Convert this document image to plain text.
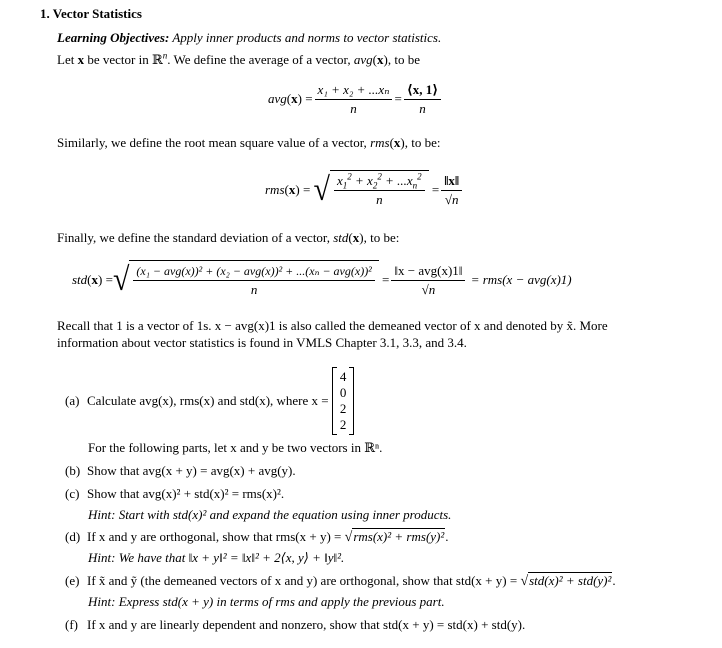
1. Vector Statistics
Learning Objectives: Apply inner products and norms to vector statistics.
Let x be vector in ℝ$^n$. We define the average of a vector, avg(x), to be
avg ( x ) = $\frac{\text{x₁ + x₂ + ...xₙ}}{n} = \frac{⟨x, 1⟩}{n}$
Similarly, we define the root mean square value of a vector, rms(x), to be:
rms ( x ) = √ $\frac{x_1^2 + x_2^2 + ...x_n^2}{n} = \frac{‖x‖}{√n}$
Finally, we define the standard deviation of a vector, std(x), to be:
std ( x ) = √ $\frac{\text{(x₁ − avg(x))² + (x₂ − avg(x))² + ...(xₙ − avg(x))²}}{n} = \frac{\text{‖x − avg(x)1‖}}{√n}$
= rms(x − avg(x)1)
Recall that 1 is a vector of 1s. x − avg(x)1 is also called the demeaned vector of x and denoted by x̃. More
information about vector statistics is found in VMLS Chapter 3.1, 3.3, and 3.4.
(a) Calculate avg(x), rms(x) and std(x), where x =

4
0
2
2
For the following parts, let x and y be two vectors in ℝⁿ.
(b) Show that avg(x + y) = avg(x) + avg(y).
(c) Show that avg(x)² + std(x)² = rms(x)².
Hint: Start with std(x)² and expand the equation using inner products.
(d) If x and y are orthogonal, show that rms(x + y) = √rms(x)² + rms(y)².
Hint: We have that ‖x + y‖² = ‖x‖² + 2⟨x, y⟩ + ‖y‖².
(e) If x̃ and ỹ (the demeaned vectors of x and y) are orthogonal, show that std(x + y) = √std(x)² + std(y)².
Hint: Express std(x + y) in terms of rms and apply the previous part.
(f) If x and y are linearly dependent and nonzero, show that std(x + y) = std(x) + std(y).
